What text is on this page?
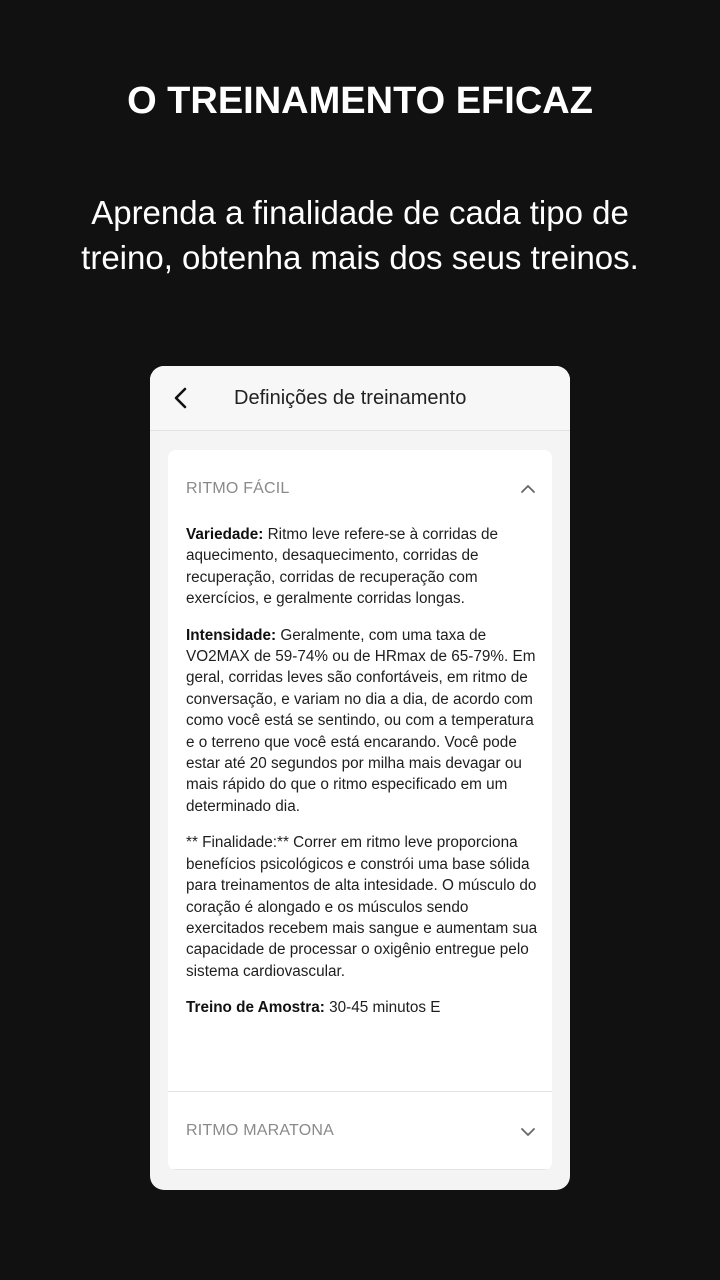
O TREINAMENTO EFICAZ

Aprenda a finalidade de cada tipo de treino, obtenha mais dos seus treinos.

Definições de treinamento
RITMO FÁCIL

Variedade: Ritmo leve refere-se à corridas de aquecimento, desaquecimento, corridas de recuperação, corridas de recuperação com exercícios, e geralmente corridas longas.

Intensidade: Geralmente, com uma taxa de VO2MAX de 59-74% ou de HRmax de 65-79%. Em geral, corridas leves são confortáveis, em ritmo de conversação, e variam no dia a dia, de acordo com como você está se sentindo, ou com a temperatura e o terreno que você está encarando. Você pode estar até 20 segundos por milha mais devagar ou mais rápido do que o ritmo especificado em um determinado dia.

** Finalidade:** Correr em ritmo leve proporciona benefícios psicológicos e constrói uma base sólida para treinamentos de alta intesidade. O músculo do coração é alongado e os músculos sendo exercitados recebem mais sangue e aumentam sua capacidade de processar o oxigênio entregue pelo sistema cardiovascular.

Treino de Amostra: 30-45 minutos E

RITMO MARATONA
